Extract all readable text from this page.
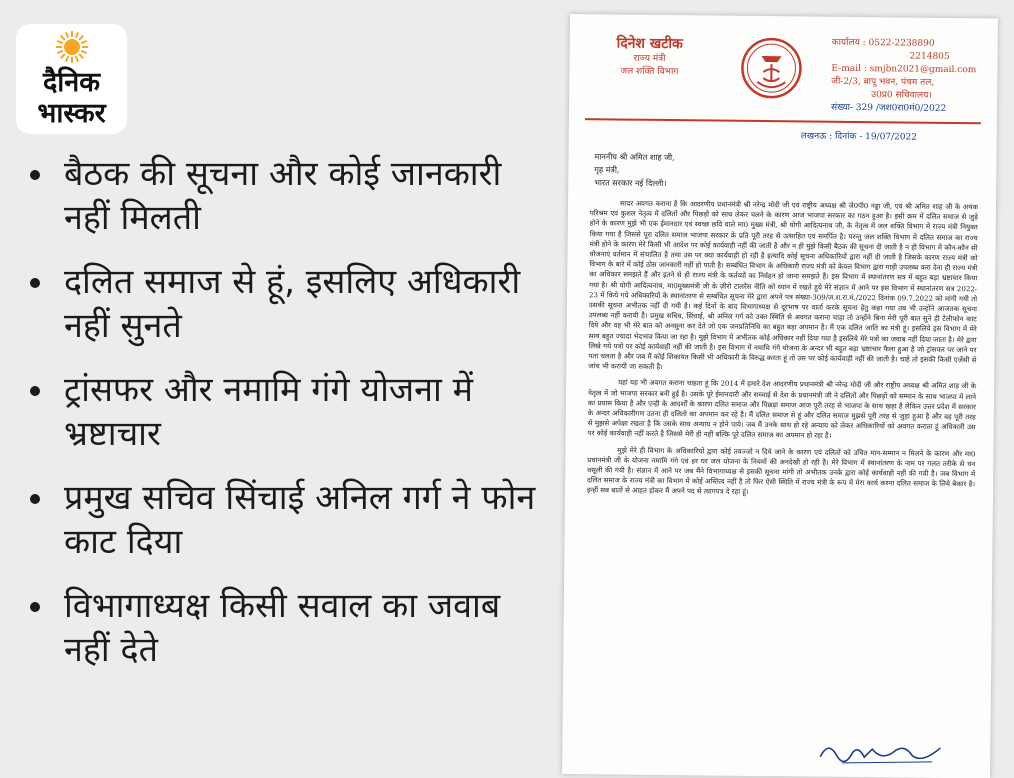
दैनिक
भास्कर
बैठक की सूचना और कोई जानकारी नहीं मिलती
दलित समाज से हूं, इसलिए अधिकारी नहीं सुनते
ट्रांसफर और नमामि गंगे योजना में भ्रष्टाचार
प्रमुख सचिव सिंचाई अनिल गर्ग ने फोन काट दिया
विभागाध्यक्ष किसी सवाल का जवाब नहीं देते
दिनेश खटीक
राज्य मंत्री
जल शक्ति विभाग
कार्यालय : 0522-2238890
2214805
E-mail : smjbn2021@gmail.com
जी-2/3, बापू भवन, पंचम तल,
उ0प्र0 सचिवालय।
संख्या- 329 /जश0रा0मं0/2022
लखनऊ : दिनांक - 19/07/2022
माननीय श्री अमित शाह जी,
गृह मंत्री,
भारत सरकार नई दिल्ली।

सादर अवगत कराना है कि आदरणीय प्रधानमंत्री श्री नरेन्द्र मोदी जी एवं राष्ट्रीय अध्यक्ष श्री जे0पी0 नड्डा जी, एवं श्री अमित शाह जी के अथक परिश्रम एवं कुशल नेतृत्व में दलितों और पिछड़ों को साथ लेकर चलने के कारण आज भाजपा सरकार का गठन हुआ है। इसी क्रम में दलित समाज से जुड़े होने के कारण मुझे भी एक ईमानदार एवं स्वच्छ छवि वाले मा0 मुख्य मंत्री, श्री योगी आदित्यनाथ जी, के नेतृत्व में जल शक्ति विभाग में राज्य मंत्री नियुक्त किया गया है जिससे पूरा दलित समाज भाजपा सरकार के प्रति पूरी तरह से उत्साहित एवं समर्पित है। परन्तु जल शक्ति विभाग में दलित समाज का राज्य मंत्री होने के कारण मेरे किसी भी आदेश पर कोई कार्यवाही नहीं की जाती है और न ही मुझे किसी बैठक की सूचना दी जाती है न ही विभाग में कौन-कौन सी योजनाएं वर्तमान में संचालित है तथा उस पर क्या कार्यवाही हो रही है इत्यादि कोई सूचना अधिकारियों द्वारा नहीं दी जाती है जिसके कारण राज्य मंत्री को विभाग के बारे में कोई ठोस जानकारी नहीं हो पाती है। सम्बंधित विभाग के अधिकारी राज्य मंत्री को केवल विभाग द्वारा गाड़ी उपलब्ध करा देना ही राज्य मंत्री का अधिकार समझते हैं और इतने से ही राज्य मंत्री के कर्तव्यों का निर्वहन हो जाना समझते हैं। इस विभाग में स्थानांतरण सत्र में बहुत बड़ा भ्रष्टाचार किया गया है। श्री योगी आदित्यनाथ, मा0मुख्यमंत्री जी के ज़ीरो टालरेंस नीति को ध्यान में रखते हुये मेरे संज्ञान में आने पर इस विभाग में स्थानांतरण सत्र 2022-23 में किये गये अधिकारियों के स्थानांतरण से सम्बंधित सूचना मेरे द्वारा अपने पत्र संख्या-309/ज.श.रा.मं./2022 दिनांक 09.7.2022 को मांगी गयी तो उसकी सूचना अभीतक नहीं दी गयी है। कई दिनों के बाद विभागाध्यक्ष से दूरभाष पर वार्ता करके सूचना हेतु कहा गया तब भी उन्होंने आजतक सूचना उपलब्ध नहीं करायी है। प्रमुख सचिव, सिंचाई, श्री अनिल गर्ग को उक्त स्थिति से अवगत कराना चाहा तो उन्होंने बिना मेरी पूरी बात सुने ही टेलीफोन काट दिये और वह भी मेरे बात को अनसुना कर देते जो एक जनप्रतिनिधि का बहुत बड़ा अपमान है। मैं एक दलित जाति का मंत्री हूं। इसलिये इस विभाग में मेरे साथ बहुत ज्यादा भेदभाव किया जा रहा है। मुझे विभाग में अभीतक कोई अधिकार नहीं दिया गया है इसलिये मेरे पत्रों का जवाब नहीं दिया जाता है। मेरे द्वारा लिखे गये पत्रों पर कोई कार्यवाही नहीं की जाती है। इस विभाग में नमामि गंगे योजना के अन्दर भी बहुत बड़ा भ्रष्टाचार फैला हुआ है जो ट्रांसफर पर जाने पर पता चलता है और जब मैं कोई शिकायत किसी भी अधिकारी के विरुद्ध करता हूं तो उस पर कोई कार्यवाही नहीं की जाती है। चाहे तो इसकी किसी एजेंसी से जांच भी करायी जा सकती है।

यहां यह भी अवगत कराना चाहता हूं कि 2014 में हमारे देश आदरणीय प्रधानमंत्री श्री नरेन्द्र मोदी जी और राष्ट्रीय अध्यक्ष श्री अमित शाह जी के नेतृत्व में जो भाजपा सरकार बनी हुई है। उसके पूरे ईमानदारी और सच्चाई से देश के प्रधानमंत्री जी ने दलितों और पिछड़ों को सम्मान के साथ भाजपा में लाने का प्रयास किया है और एन्ही के आदर्शों के कारण दलित समाज और पिछड़ा समाज आज पूरी तरह से भाजपा के साथ खड़ा है लेकिन उत्तर प्रदेश में सरकार के अन्दर अधिकारीगण उतना ही दलितो का अपमान कर रहे है। मैं दलित समाज से हूं और दलित समाज मुझसे पूरी तरह से जुड़ा हुआ है और वह पूरी तरह से मुझसे अपेक्षा रखता है कि उसके साथ अन्याय न होने पाये। जब मैं उनके साथ हो रहे अन्याय को लेकर अधिकारियों को अवगत कराता हूं अधिकारी उस पर कोई कार्यवाही नहीं करते है जिससे मेरी ही नहीं बल्कि पूरे दलित समाज का अपमान हो रहा है।

मुझे मेरे ही विभाग के अधिकारियों द्वारा कोई तवज्जो न दिये जाने के कारण एवं दलितों को उचित मान-सम्मान न मिलने के कारण और मा0 प्रधानमंत्री जी के योजना नमामि गंगे एवं हर घर जल योजना के नियमों की अनदेखी हो रही है। मेरे विभाग में स्थानांतरण के नाम पर गलत तरीके से धन वसूली की गयी है। संज्ञान में आने पर जब मैंने विभागाध्यक्ष से इसकी सूचना मांगी तो अभीतक उनके द्वारा कोई कार्यवाही नहीं की गयी है। जब विभाग में दलित समाज के राज्य मंत्री का विभाग में कोई अस्तित्व नहीं है तो फिर ऐसी स्थिति में राज्य मंत्री के रूप में मेरा कार्य करना दलित समाज के लिये बेकार है। इन्हीं सब बातों से आहत होकर मैं अपने पद से त्यागपत्र दे रहा हूं।
